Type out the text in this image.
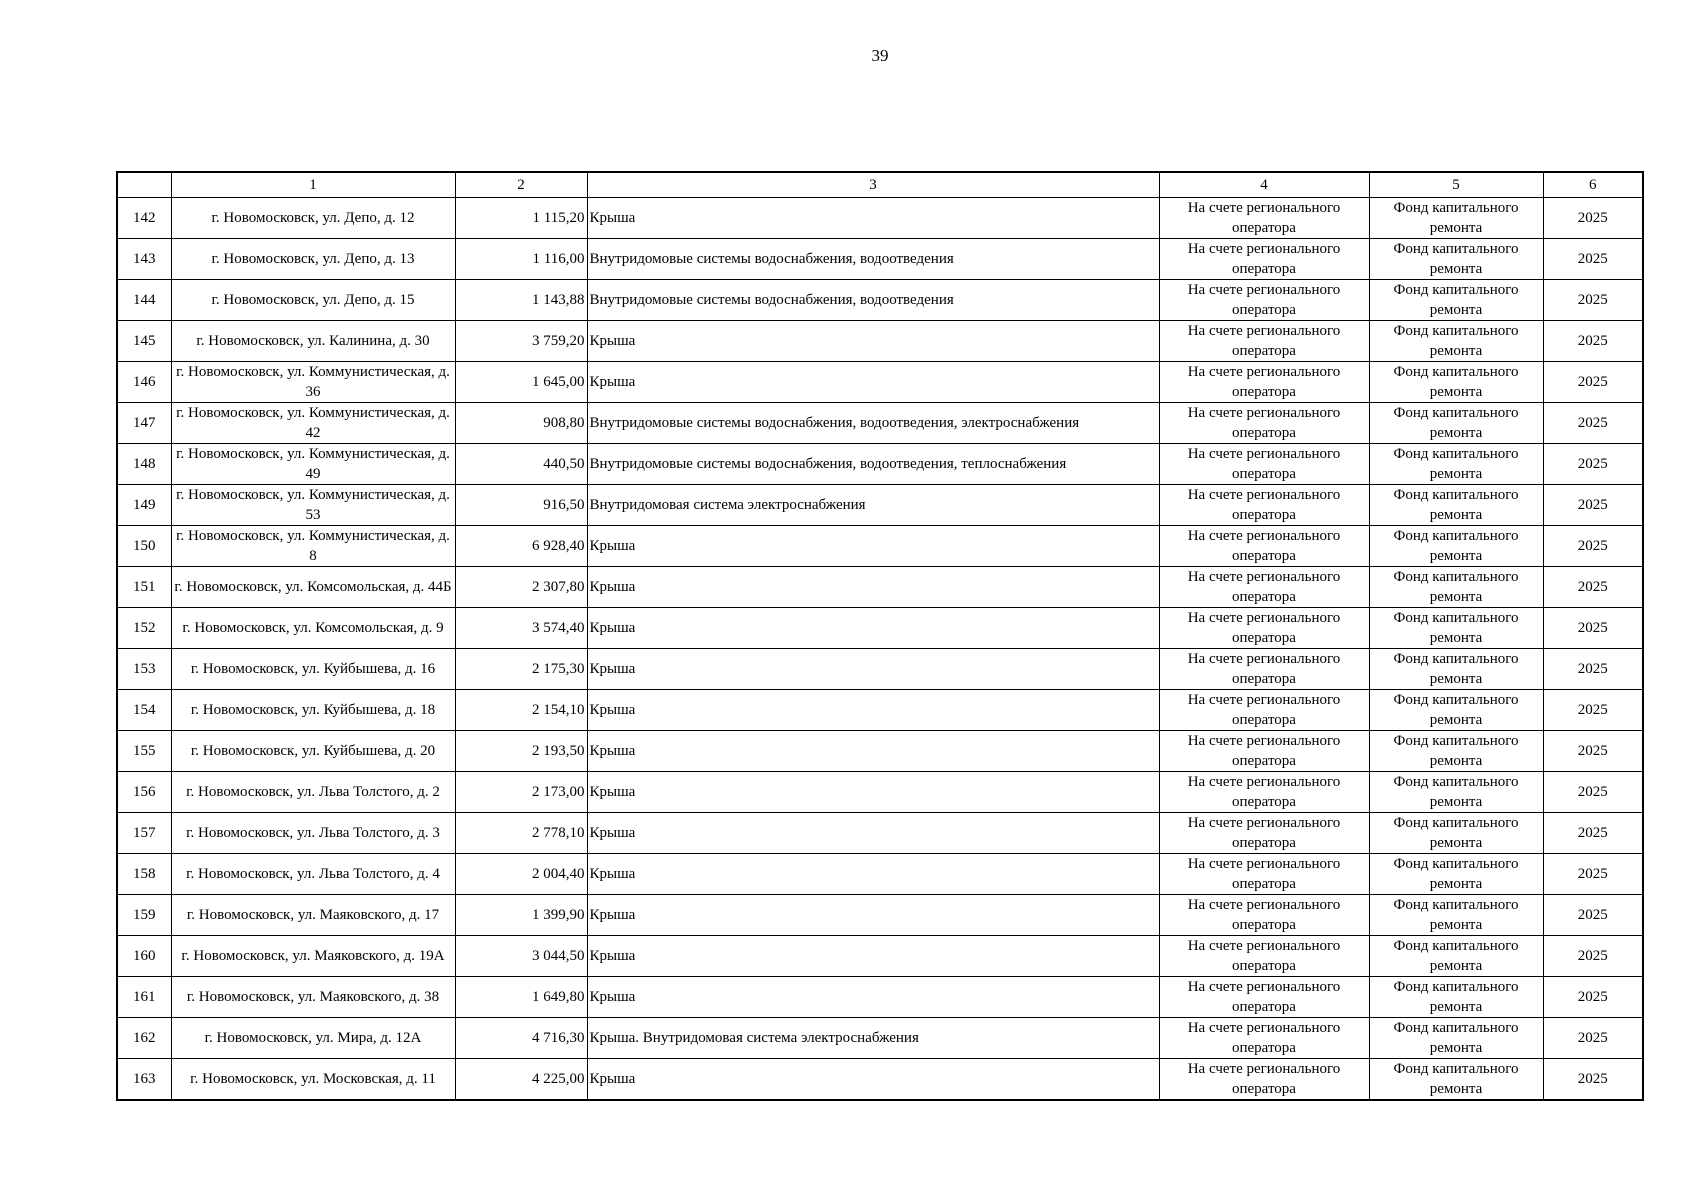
39
	1	2	3	4	5	6
142	г. Новомосковск, ул. Депо, д. 12	1 115,20	Крыша	На счете регионального оператора	Фонд капитального ремонта	2025
143	г. Новомосковск, ул. Депо, д. 13	1 116,00	Внутридомовые системы водоснабжения, водоотведения	На счете регионального оператора	Фонд капитального ремонта	2025
144	г. Новомосковск, ул. Депо, д. 15	1 143,88	Внутридомовые системы водоснабжения, водоотведения	На счете регионального оператора	Фонд капитального ремонта	2025
145	г. Новомосковск, ул. Калинина, д. 30	3 759,20	Крыша	На счете регионального оператора	Фонд капитального ремонта	2025
146	г. Новомосковск, ул. Коммунистическая, д. 36	1 645,00	Крыша	На счете регионального оператора	Фонд капитального ремонта	2025
147	г. Новомосковск, ул. Коммунистическая, д. 42	908,80	Внутридомовые системы водоснабжения, водоотведения, электроснабжения	На счете регионального оператора	Фонд капитального ремонта	2025
148	г. Новомосковск, ул. Коммунистическая, д. 49	440,50	Внутридомовые системы водоснабжения, водоотведения, теплоснабжения	На счете регионального оператора	Фонд капитального ремонта	2025
149	г. Новомосковск, ул. Коммунистическая, д. 53	916,50	Внутридомовая система электроснабжения	На счете регионального оператора	Фонд капитального ремонта	2025
150	г. Новомосковск, ул. Коммунистическая, д. 8	6 928,40	Крыша	На счете регионального оператора	Фонд капитального ремонта	2025
151	г. Новомосковск, ул. Комсомольская, д. 44Б	2 307,80	Крыша	На счете регионального оператора	Фонд капитального ремонта	2025
152	г. Новомосковск, ул. Комсомольская, д. 9	3 574,40	Крыша	На счете регионального оператора	Фонд капитального ремонта	2025
153	г. Новомосковск, ул. Куйбышева, д. 16	2 175,30	Крыша	На счете регионального оператора	Фонд капитального ремонта	2025
154	г. Новомосковск, ул. Куйбышева, д. 18	2 154,10	Крыша	На счете регионального оператора	Фонд капитального ремонта	2025
155	г. Новомосковск, ул. Куйбышева, д. 20	2 193,50	Крыша	На счете регионального оператора	Фонд капитального ремонта	2025
156	г. Новомосковск, ул. Льва Толстого, д. 2	2 173,00	Крыша	На счете регионального оператора	Фонд капитального ремонта	2025
157	г. Новомосковск, ул. Льва Толстого, д. 3	2 778,10	Крыша	На счете регионального оператора	Фонд капитального ремонта	2025
158	г. Новомосковск, ул. Льва Толстого, д. 4	2 004,40	Крыша	На счете регионального оператора	Фонд капитального ремонта	2025
159	г. Новомосковск, ул. Маяковского, д. 17	1 399,90	Крыша	На счете регионального оператора	Фонд капитального ремонта	2025
160	г. Новомосковск, ул. Маяковского, д. 19А	3 044,50	Крыша	На счете регионального оператора	Фонд капитального ремонта	2025
161	г. Новомосковск, ул. Маяковского, д. 38	1 649,80	Крыша	На счете регионального оператора	Фонд капитального ремонта	2025
162	г. Новомосковск, ул. Мира, д. 12А	4 716,30	Крыша. Внутридомовая система электроснабжения	На счете регионального оператора	Фонд капитального ремонта	2025
163	г. Новомосковск, ул. Московская, д. 11	4 225,00	Крыша	На счете регионального оператора	Фонд капитального ремонта	2025
